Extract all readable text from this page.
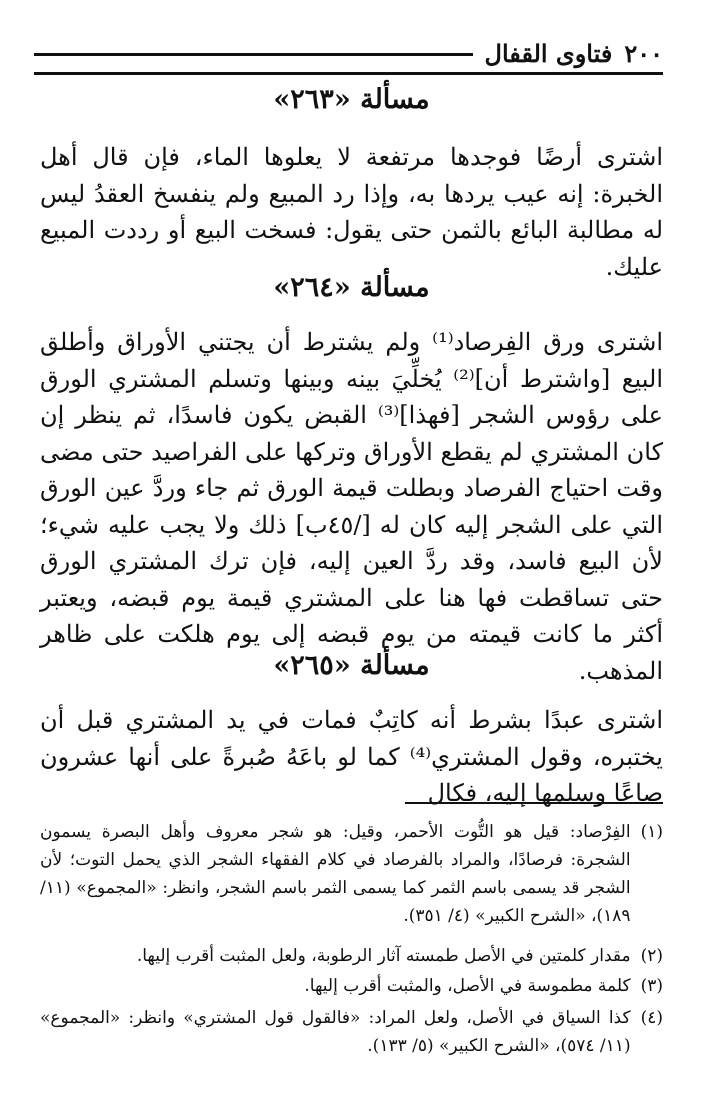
٢٠٠
فتاوى القفال
مسألة «٢٦٣»

اشترى أرضًا فوجدها مرتفعة لا يعلوها الماء، فإن قال أهل الخبرة: إنه عيب يردها به، وإذا رد المبيع ولم ينفسخ العقدُ ليس له مطالبة البائع بالثمن حتى يقول: فسخت البيع أو رددت المبيع عليك.

مسألة «٢٦٤»

اشترى ورق الفِرصاد⁽¹⁾ ولم يشترط أن يجتني الأوراق وأطلق البيع [واشترط أن]⁽²⁾ يُخلِّيَ بينه وبينها وتسلم المشتري الورق على رؤوس الشجر [فهذا]⁽³⁾ القبض يكون فاسدًا، ثم ينظر إن كان المشتري لم يقطع الأوراق وتركها على الفراصيد حتى مضى وقت احتياج الفرصاد وبطلت قيمة الورق ثم جاء وردَّ عين الورق التي على الشجر إليه كان له [/٤٥ب] ذلك ولا يجب عليه شيء؛ لأن البيع فاسد، وقد ردَّ العين إليه، فإن ترك المشتري الورق حتى تساقطت فها هنا على المشتري قيمة يوم قبضه، ويعتبر أكثر ما كانت قيمته من يوم قبضه إلى يوم هلكت على ظاهر المذهب.

مسألة «٢٦٥»

اشترى عبدًا بشرط أنه كاتِبٌ فمات في يد المشتري قبل أن يختبره، وقول المشتري⁽⁴⁾ كما لو باعَهُ صُبرةً على أنها عشرون صاعًا وسلمها إليه، فكال

(١)
الفِرْصاد: قيل هو التُّوت الأحمر، وقيل: هو شجر معروف وأهل البصرة يسمون الشجرة: فرصادًا، والمراد بالفرصاد في كلام الفقهاء الشجر الذي يحمل التوت؛ لأن الشجر قد يسمى باسم الثمر كما يسمى الثمر باسم الشجر، وانظر: «المجموع» (١١/ ١٨٩)، «الشرح الكبير» (٤/ ٣٥١).
(٢)
مقدار كلمتين في الأصل طمسته آثار الرطوبة، ولعل المثبت أقرب إليها.
(٣)
كلمة مطموسة في الأصل، والمثبت أقرب إليها.
(٤)
كذا السياق في الأصل، ولعل المراد: «فالقول قول المشتري» وانظر: «المجموع» (١١/ ٥٧٤)، «الشرح الكبير» (٥/ ١٣٣).
